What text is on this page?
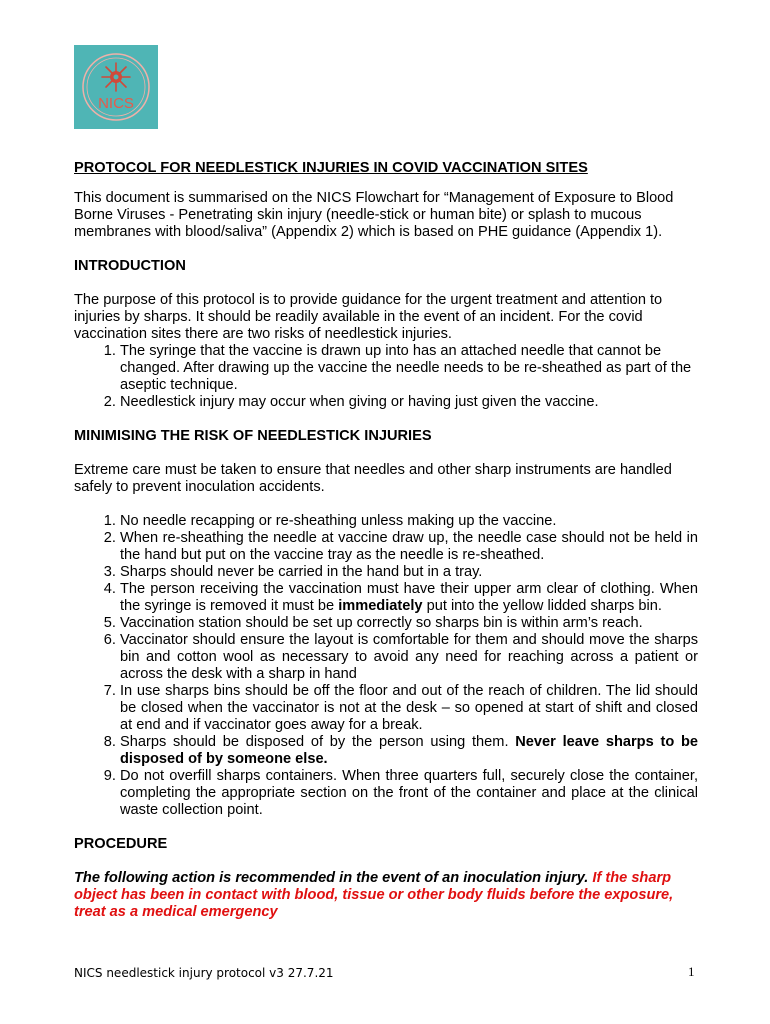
NICS

PROTOCOL FOR NEEDLESTICK INJURIES IN COVID VACCINATION SITES

This document is summarised on the NICS Flowchart for “Management of Exposure to Blood Borne Viruses - Penetrating skin injury (needle-stick or human bite) or splash to mucous membranes with blood/saliva” (Appendix 2) which is based on PHE guidance (Appendix 1).

INTRODUCTION

The purpose of this protocol is to provide guidance for the urgent treatment and attention to injuries by sharps. It should be readily available in the event of an incident. For the covid vaccination sites there are two risks of needlestick injuries.

1. The syringe that the vaccine is drawn up into has an attached needle that cannot be changed. After drawing up the vaccine the needle needs to be re-sheathed as part of the aseptic technique.
2. Needlestick injury may occur when giving or having just given the vaccine.

MINIMISING THE RISK OF NEEDLESTICK INJURIES

Extreme care must be taken to ensure that needles and other sharp instruments are handled safely to prevent inoculation accidents.

1. No needle recapping or re-sheathing unless making up the vaccine.
2. When re-sheathing the needle at vaccine draw up, the needle case should not be held in the hand but put on the vaccine tray as the needle is re-sheathed.
3. Sharps should never be carried in the hand but in a tray.
4. The person receiving the vaccination must have their upper arm clear of clothing. When the syringe is removed it must be immediately put into the yellow lidded sharps bin.
5. Vaccination station should be set up correctly so sharps bin is within arm’s reach.
6. Vaccinator should ensure the layout is comfortable for them and should move the sharps bin and cotton wool as necessary to avoid any need for reaching across a patient or across the desk with a sharp in hand
7. In use sharps bins should be off the floor and out of the reach of children. The lid should be closed when the vaccinator is not at the desk – so opened at start of shift and closed at end and if vaccinator goes away for a break.
8. Sharps should be disposed of by the person using them. Never leave sharps to be disposed of by someone else.
9. Do not overfill sharps containers. When three quarters full, securely close the container, completing the appropriate section on the front of the container and place at the clinical waste collection point.

PROCEDURE

The following action is recommended in the event of an inoculation injury. If the sharp object has been in contact with blood, tissue or other body fluids before the exposure, treat as a medical emergency

NICS needlestick injury protocol v3 27.7.21	1
